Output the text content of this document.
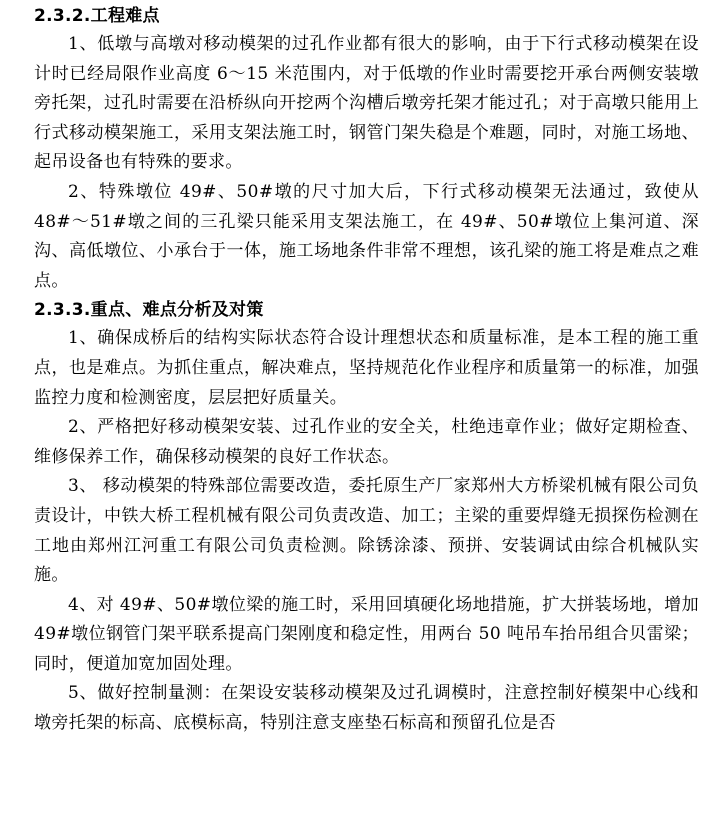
2.3.2.工程难点

1、低墩与高墩对移动模架的过孔作业都有很大的影响，由于下行式移动模架在设计时已经局限作业高度 6～15 米范围内，对于低墩的作业时需要挖开承台两侧安装墩旁托架，过孔时需要在沿桥纵向开挖两个沟槽后墩旁托架才能过孔；对于高墩只能用上行式移动模架施工，采用支架法施工时，钢管门架失稳是个难题，同时，对施工场地、起吊设备也有特殊的要求。

2、特殊墩位 49#、50#墩的尺寸加大后，下行式移动模架无法通过，致使从 48#～51#墩之间的三孔梁只能采用支架法施工，在 49#、50#墩位上集河道、深沟、高低墩位、小承台于一体，施工场地条件非常不理想，该孔梁的施工将是难点之难点。

2.3.3.重点、难点分析及对策

1、确保成桥后的结构实际状态符合设计理想状态和质量标准，是本工程的施工重点，也是难点。为抓住重点，解决难点，坚持规范化作业程序和质量第一的标准，加强监控力度和检测密度，层层把好质量关。

2、严格把好移动模架安装、过孔作业的安全关，杜绝违章作业；做好定期检查、维修保养工作，确保移动模架的良好工作状态。

3、 移动模架的特殊部位需要改造，委托原生产厂家郑州大方桥梁机械有限公司负责设计，中铁大桥工程机械有限公司负责改造、加工；主梁的重要焊缝无损探伤检测在工地由郑州江河重工有限公司负责检测。除锈涂漆、预拼、安装调试由综合机械队实施。

4、对 49#、50#墩位梁的施工时，采用回填硬化场地措施，扩大拼装场地，增加 49#墩位钢管门架平联系提高门架刚度和稳定性，用两台 50 吨吊车抬吊组合贝雷梁；同时，便道加宽加固处理。

5、做好控制量测：在架设安装移动模架及过孔调模时，注意控制好模架中心线和墩旁托架的标高、底模标高，特别注意支座垫石标高和预留孔位是否
